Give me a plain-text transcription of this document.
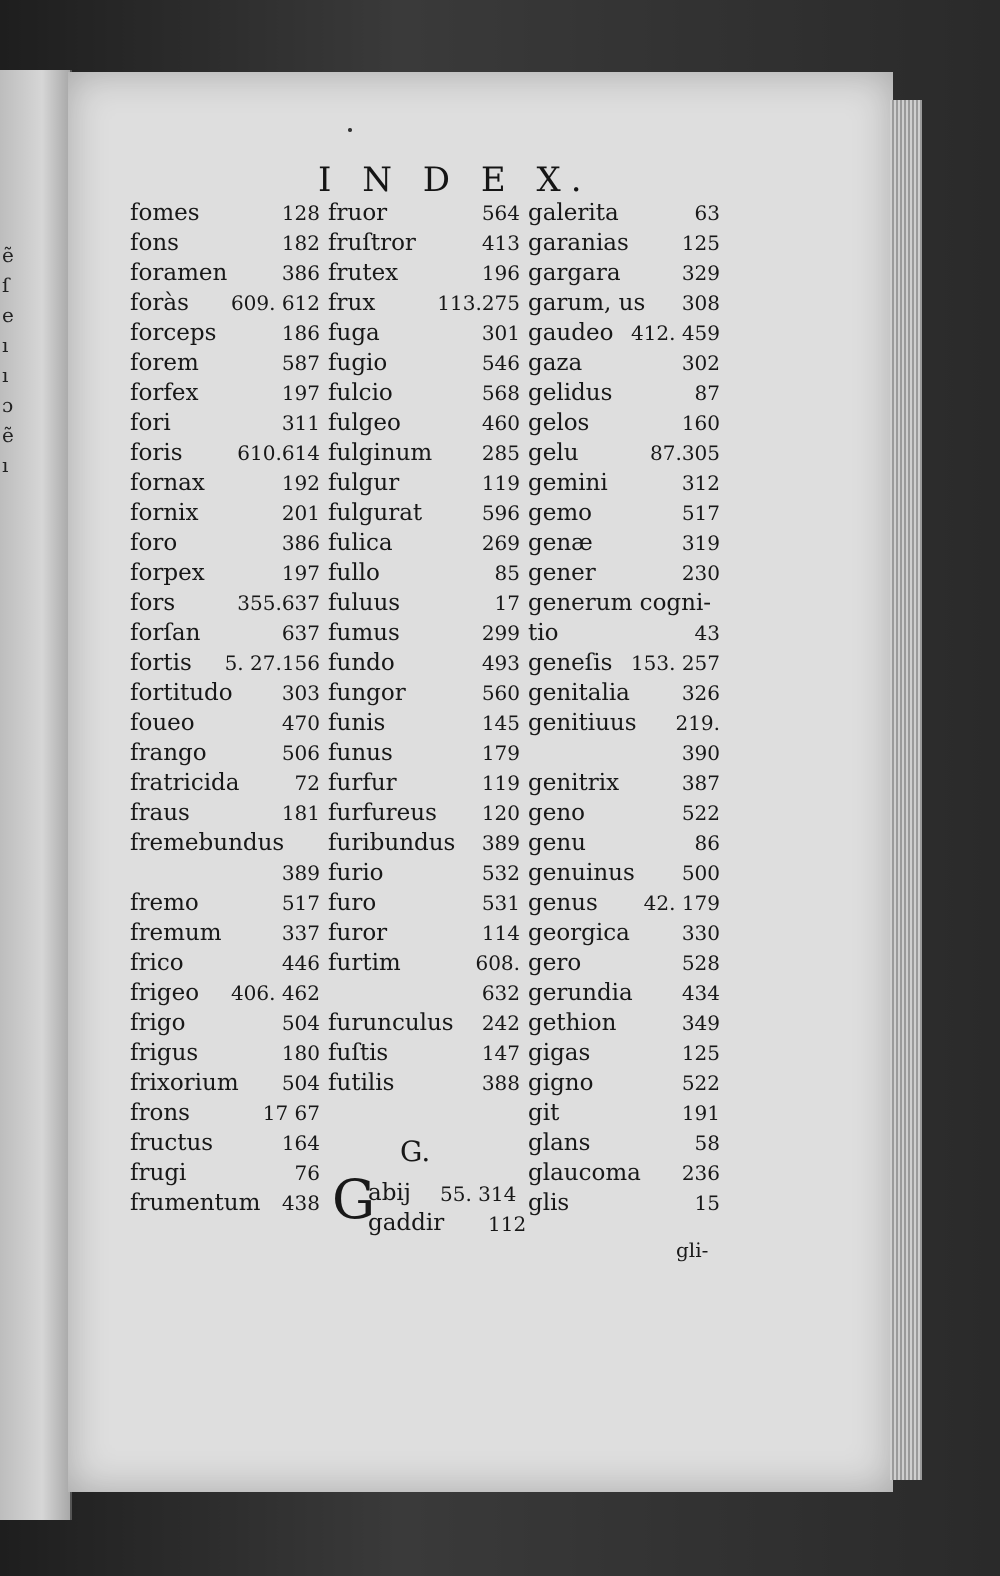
ẽ
ſ
e
ı
ı
ɔ
ẽ
ı
I N D E X.
fomes	128
fons	182
foramen	386
foràs 609. 612
forceps	186
forem	587
forfex	197
fori	311
foris	610.614
fornax	192
fornix	201
foro	386
forpex	197
fors	355.637
forſan	637
fortis 5. 27.156
fortitudo 303
foueo	470
frango	506
fratricida	72
fraus	181
fremebundus
389
fremo	517
fremum	337
frico	446
frigeo 406. 462
frigo	504
frigus	180
frixorium 504
frons	17 67
fructus	164
frugi	76
frumentum 438
fruor	564
fruſtror	413
frutex	196
frux	113.275
fuga	301
fugio	546
fulcio	568
fulgeo	460
fulginum 285
fulgur	119
fulgurat	596
fulica	269
fullo	85
fuluus	17
fumus	299
fundo	493
fungor	560
funis	145
funus	179
furfur	119
furfureus 120
furibundus 389
furio	532
furo	531
furor	114
furtim	608.
632
furunculus 242
fuſtis	147
futilis	388
galerita	63
garanias	125
gargara	329
garum, us 308
gaudeo 412. 459
gaza	302
gelidus	87
gelos	160
gelu	87.305
gemini	312
gemo	517
genæ	319
gener	230
generum cogni-
tio	43
geneſis 153. 257
genitalia	326
genitiuus 219.
390
genitrix	387
geno	522
genu	86
genuinus 500
genus 42. 179
georgica	330
gero	528
gerundia 434
gethion	349
gigas	125
gigno	522
git	191
glans	58
glaucoma 236
glis	15
G.
G
abij 55. 314
gaddir 112
gli-
